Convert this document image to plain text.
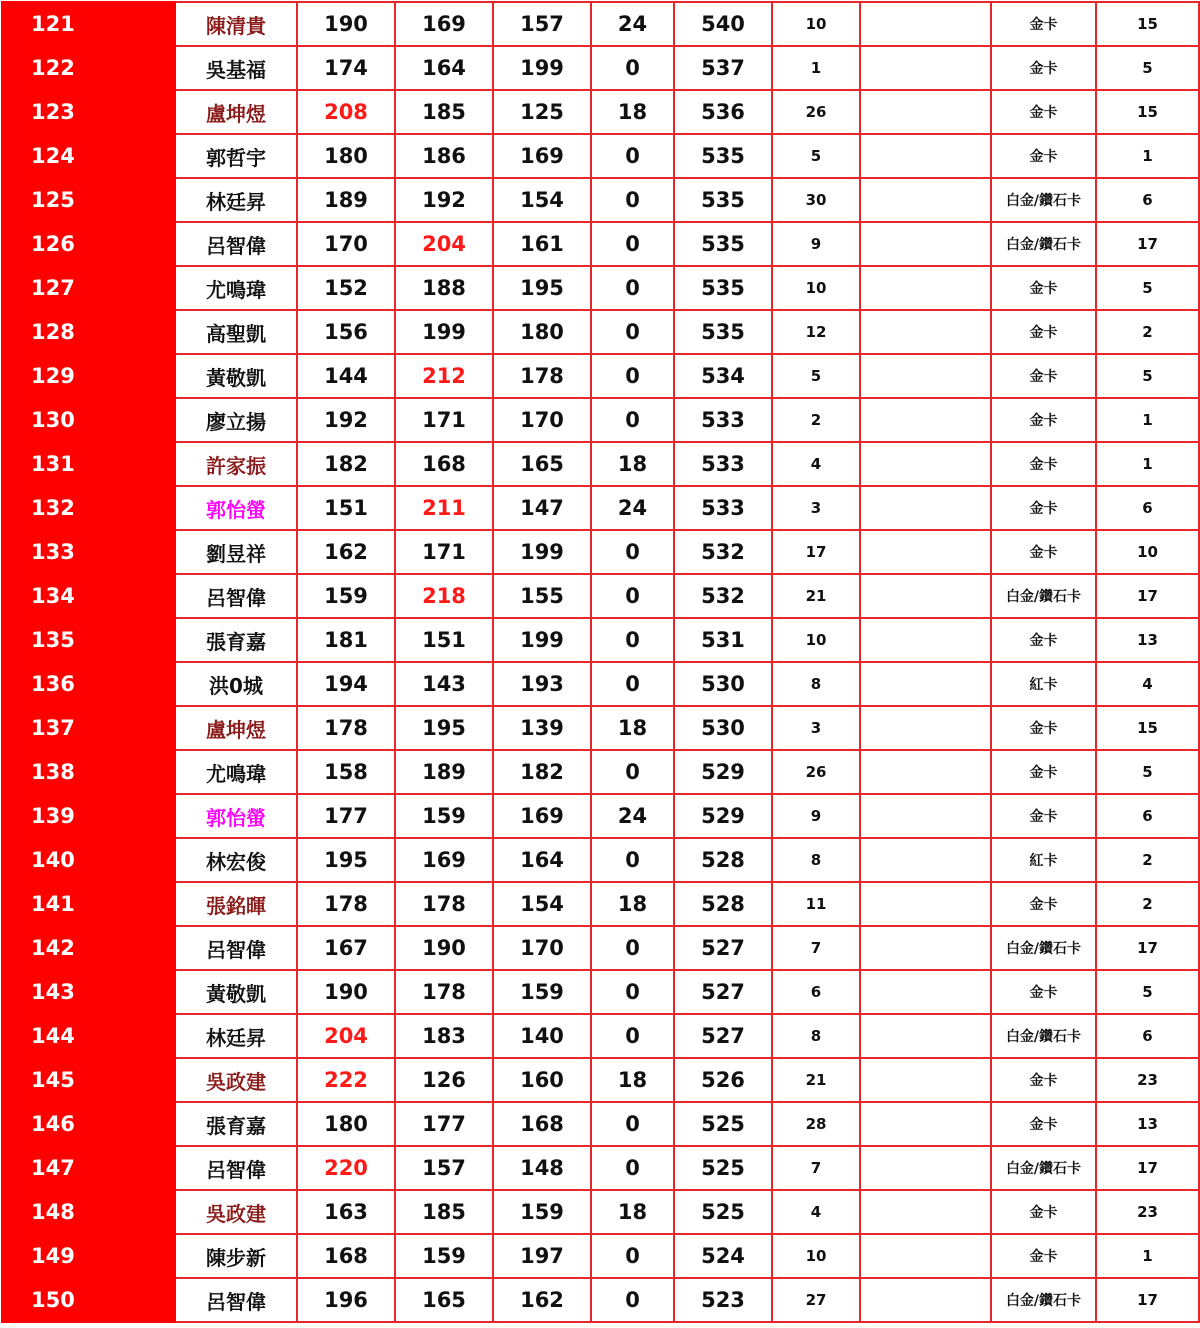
121	陳清貴	190	169	157	24	540	10		金卡	15
122	吳基福	174	164	199	0	537	1		金卡	5
123	盧坤煜	208	185	125	18	536	26		金卡	15
124	郭哲宇	180	186	169	0	535	5		金卡	1
125	林廷昇	189	192	154	0	535	30		白金/鑽石卡	6
126	呂智偉	170	204	161	0	535	9		白金/鑽石卡	17
127	尤鳴瑋	152	188	195	0	535	10		金卡	5
128	高聖凱	156	199	180	0	535	12		金卡	2
129	黃敬凱	144	212	178	0	534	5		金卡	5
130	廖立揚	192	171	170	0	533	2		金卡	1
131	許家振	182	168	165	18	533	4		金卡	1
132	郭怡螢	151	211	147	24	533	3		金卡	6
133	劉昱祥	162	171	199	0	532	17		金卡	10
134	呂智偉	159	218	155	0	532	21		白金/鑽石卡	17
135	張育嘉	181	151	199	0	531	10		金卡	13
136	洪0城	194	143	193	0	530	8		紅卡	4
137	盧坤煜	178	195	139	18	530	3		金卡	15
138	尤鳴瑋	158	189	182	0	529	26		金卡	5
139	郭怡螢	177	159	169	24	529	9		金卡	6
140	林宏俊	195	169	164	0	528	8		紅卡	2
141	張銘暉	178	178	154	18	528	11		金卡	2
142	呂智偉	167	190	170	0	527	7		白金/鑽石卡	17
143	黃敬凱	190	178	159	0	527	6		金卡	5
144	林廷昇	204	183	140	0	527	8		白金/鑽石卡	6
145	吳政建	222	126	160	18	526	21		金卡	23
146	張育嘉	180	177	168	0	525	28		金卡	13
147	呂智偉	220	157	148	0	525	7		白金/鑽石卡	17
148	吳政建	163	185	159	18	525	4		金卡	23
149	陳步新	168	159	197	0	524	10		金卡	1
150	呂智偉	196	165	162	0	523	27		白金/鑽石卡	17
